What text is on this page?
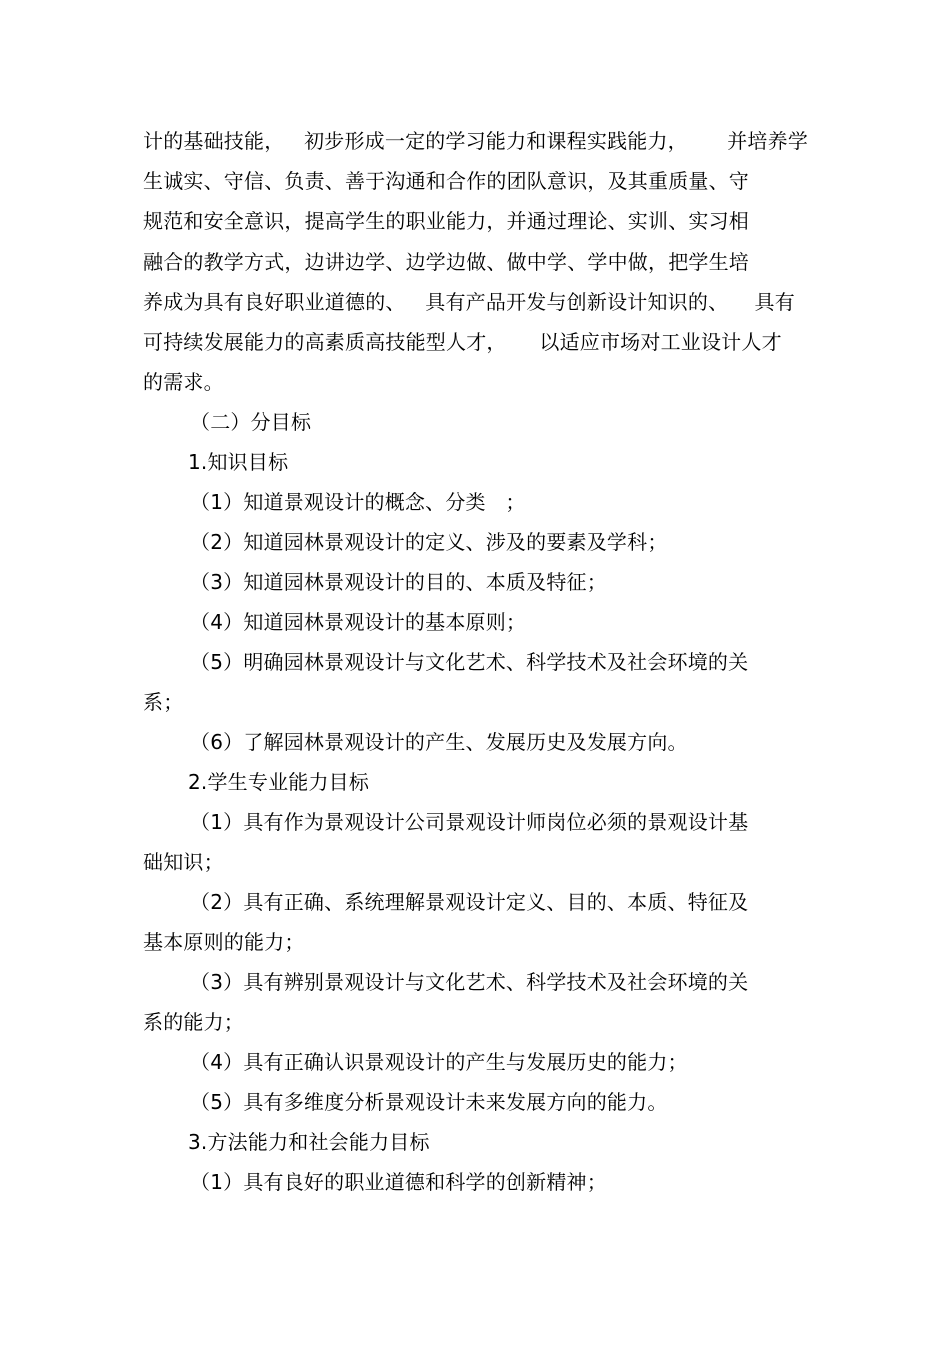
计的基础技能，   初步形成一定的学习能力和课程实践能力，      并培养学
生诚实、守信、负责、善于沟通和合作的团队意识，及其重质量、守
规范和安全意识，提高学生的职业能力，并通过理论、实训、实习相
融合的教学方式，边讲边学、边学边做、做中学、学中做，把学生培
养成为具有良好职业道德的、   具有产品开发与创新设计知识的、    具有
可持续发展能力的高素质高技能型人才，     以适应市场对工业设计人才
的需求。
（二）分目标
1.知识目标
（1）知道景观设计的概念、分类   ；
（2）知道园林景观设计的定义、涉及的要素及学科；
（3）知道园林景观设计的目的、本质及特征；
（4）知道园林景观设计的基本原则；
（5）明确园林景观设计与文化艺术、科学技术及社会环境的关
系；
（6）了解园林景观设计的产生、发展历史及发展方向。
2.学生专业能力目标
（1）具有作为景观设计公司景观设计师岗位必须的景观设计基
础知识；
（2）具有正确、系统理解景观设计定义、目的、本质、特征及
基本原则的能力；
（3）具有辨别景观设计与文化艺术、科学技术及社会环境的关
系的能力；
（4）具有正确认识景观设计的产生与发展历史的能力；
（5）具有多维度分析景观设计未来发展方向的能力。
3.方法能力和社会能力目标
（1）具有良好的职业道德和科学的创新精神；
